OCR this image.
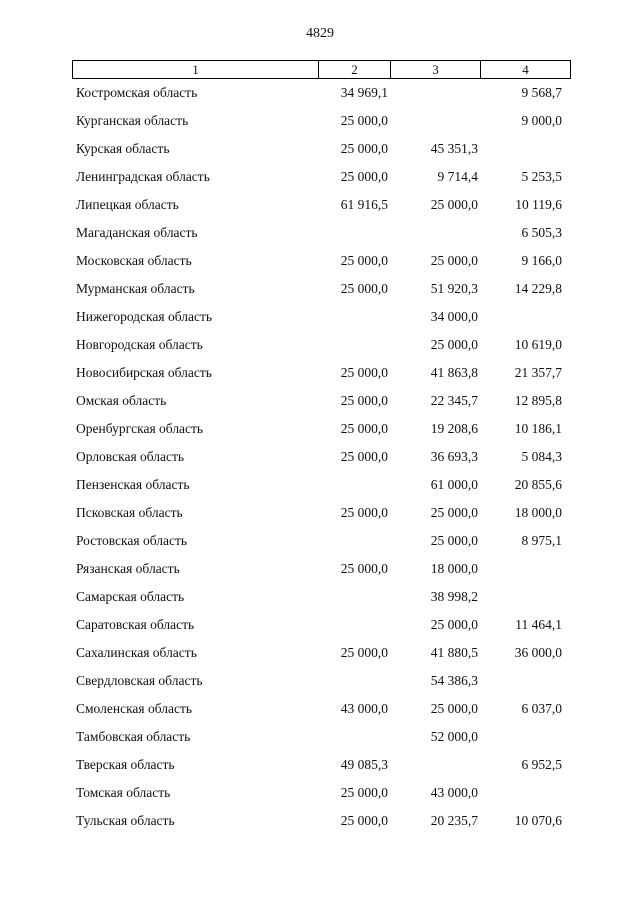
4829
1	2	3	4
Костромская область	34 969,1		9 568,7
Курганская область	25 000,0		9 000,0
Курская область	25 000,0	45 351,3	
Ленинградская область	25 000,0	9 714,4	5 253,5
Липецкая область	61 916,5	25 000,0	10 119,6
Магаданская область			6 505,3
Московская область	25 000,0	25 000,0	9 166,0
Мурманская область	25 000,0	51 920,3	14 229,8
Нижегородская область		34 000,0	
Новгородская область		25 000,0	10 619,0
Новосибирская область	25 000,0	41 863,8	21 357,7
Омская область	25 000,0	22 345,7	12 895,8
Оренбургская область	25 000,0	19 208,6	10 186,1
Орловская область	25 000,0	36 693,3	5 084,3
Пензенская область		61 000,0	20 855,6
Псковская область	25 000,0	25 000,0	18 000,0
Ростовская область		25 000,0	8 975,1
Рязанская область	25 000,0	18 000,0	
Самарская область		38 998,2	
Саратовская область		25 000,0	11 464,1
Сахалинская область	25 000,0	41 880,5	36 000,0
Свердловская область		54 386,3	
Смоленская область	43 000,0	25 000,0	6 037,0
Тамбовская область		52 000,0	
Тверская область	49 085,3		6 952,5
Томская область	25 000,0	43 000,0	
Тульская область	25 000,0	20 235,7	10 070,6
